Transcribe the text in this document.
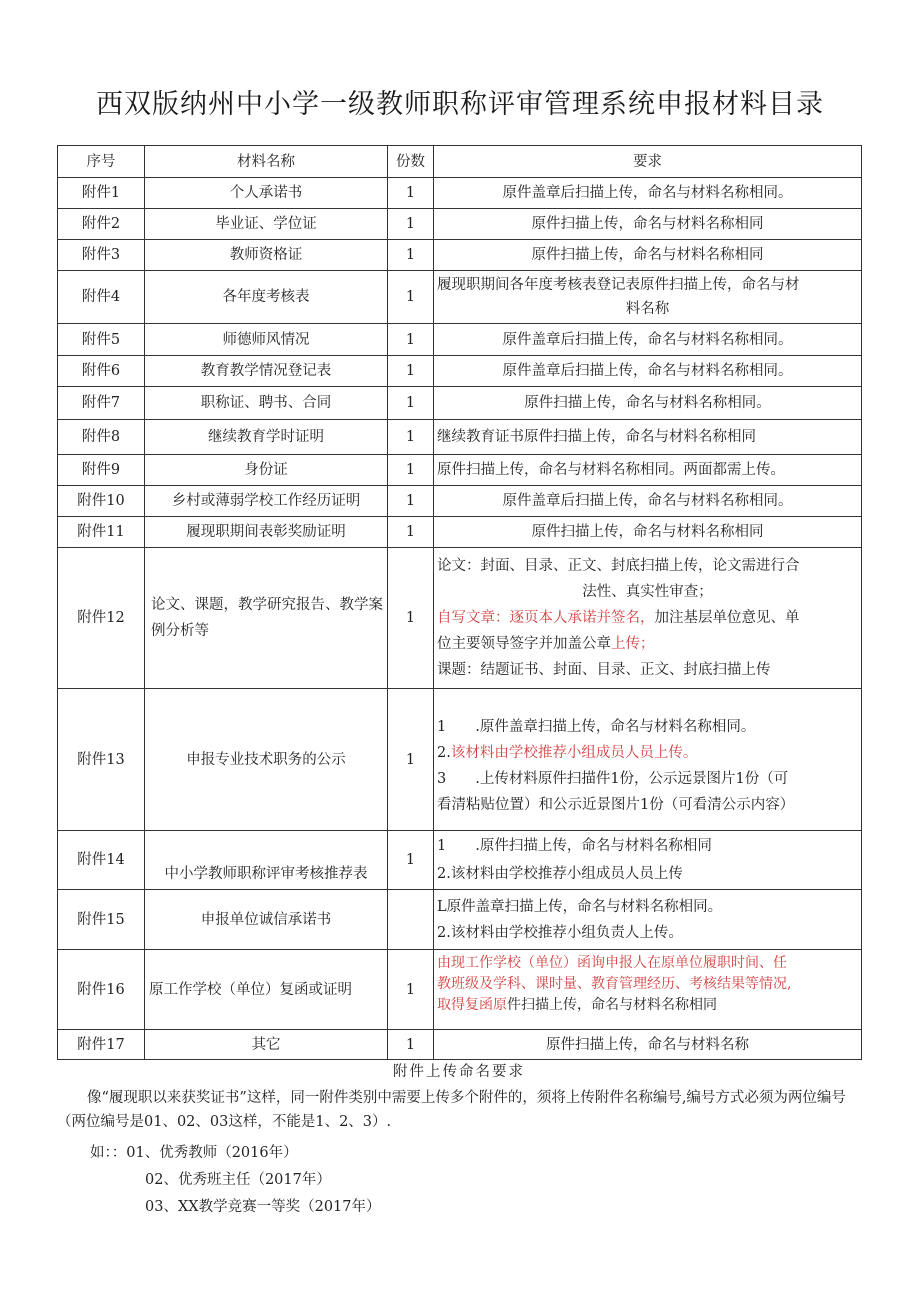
西双版纳州中小学一级教师职称评审管理系统申报材料目录
序号	材料名称	份数	要求
附件1	个人承诺书	1	原件盖章后扫描上传，命名与材料名称相同。
附件2	毕业证、学位证	1	原件扫描上传，命名与材料名称相同
附件3	教师资格证	1	原件扫描上传，命名与材料名称相同
附件4	各年度考核表	1	履现职期间各年度考核表登记表原件扫描上传，命名与材
料名称

附件5	师德师风情况	1	原件盖章后扫描上传，命名与材料名称相同。
附件6	教育教学情况登记表	1	原件盖章后扫描上传，命名与材料名称相同。
附件7	职称证、聘书、合同	1	原件扫描上传，命名与材料名称相同。
附件8	继续教育学时证明	1	继续教育证书原件扫描上传，命名与材料名称相同
附件9	身份证	1	原件扫描上传，命名与材料名称相同。两面都需上传。
附件10	乡村或薄弱学校工作经历证明	1	原件盖章后扫描上传，命名与材料名称相同。
附件11	履现职期间表彰奖励证明	1	原件扫描上传，命名与材料名称相同
附件12	论文、课题，教学研究报告、教学案例分析等	1	论文：封面、目录、正文、封底扫描上传，论文需进行合
法性、真实性审查；
自写文章：逐页本人承诺并签名，加注基层单位意见、单
位主要领导签字并加盖公章上传；
课题：结题证书、封面、目录、正文、封底扫描上传

附件13	申报专业技术职务的公示	1	1　　.原件盖章扫描上传，命名与材料名称相同。
2.该材料由学校推荐小组成员人员上传。
3　　.上传材料原件扫描件1份，公示远景图片1份（可
看清粘贴位置）和公示近景图片1份（可看清公示内容）

附件14	中小学教师职称评审考核推荐表	1	1　　.原件扫描上传，命名与材料名称相同
2.该材料由学校推荐小组成员人员上传

附件15	申报单位诚信承诺书		L原件盖章扫描上传，命名与材料名称相同。
2.该材料由学校推荐小组负责人上传。

附件16	原工作学校（单位）复函或证明	1	由现工作学校（单位）函询申报人在原单位履职时间、任
教班级及学科、课时量、教育管理经历、考核结果等情况,
取得复函原件扫描上传，命名与材料名称相同

附件17	其它	1	原件扫描上传，命名与材料名称
附件上传命名要求
像“履现职以来获奖证书”这样，同一附件类别中需要上传多个附件的，须将上传附件名称编号,编号方式必须为两位编号（两位编号是01、02、03这样，不能是1、2、3）.
如：：01、优秀教师（2016年）
02、优秀班主任（2017年）
03、XX教学竞赛一等奖（2017年）
